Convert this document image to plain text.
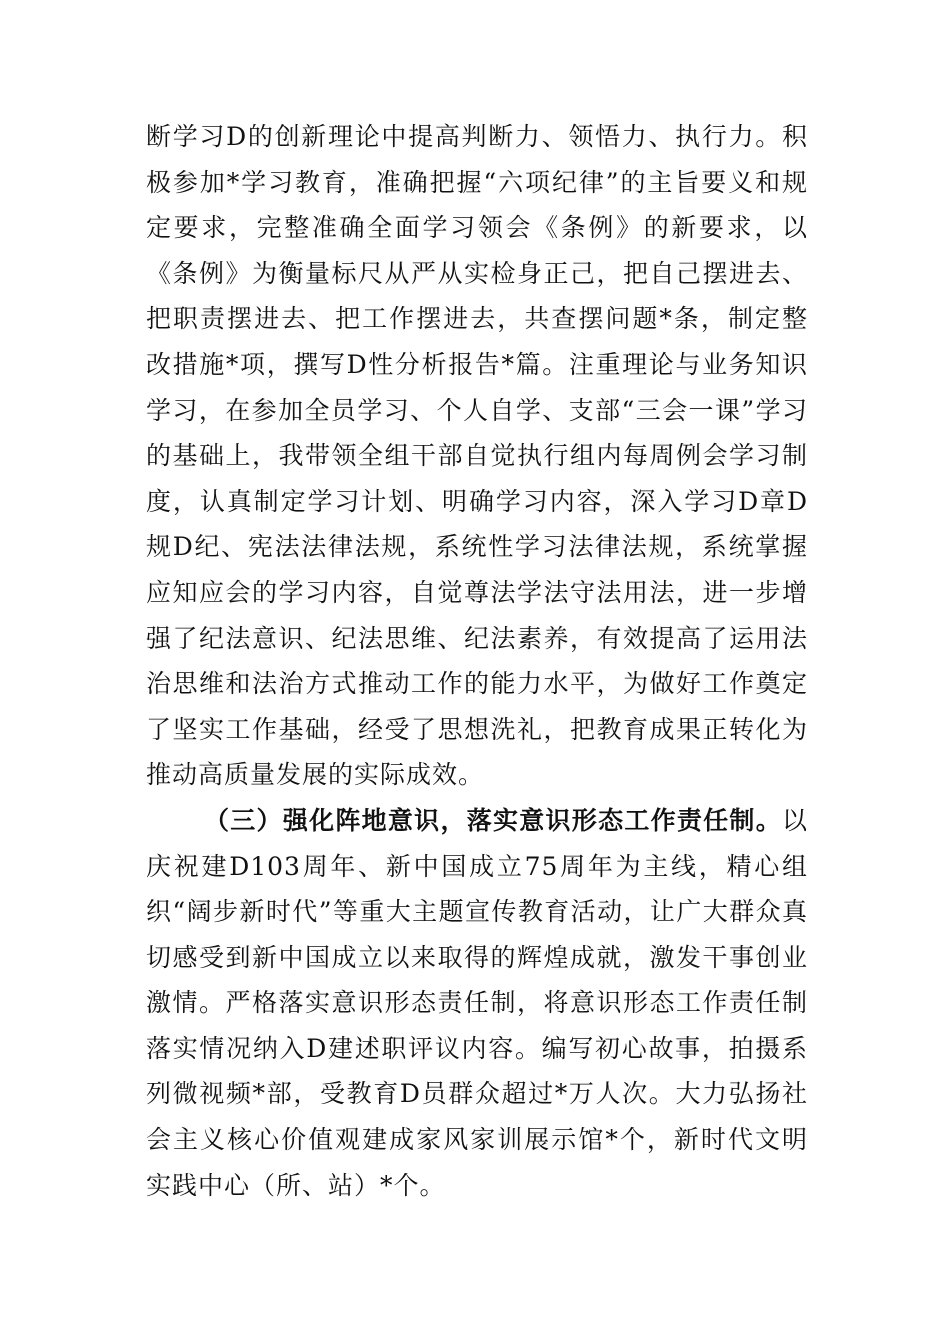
断学习D的创新理论中提高判断力、领悟力、执行力。积极参加*学习教育，准确把握“六项纪律”的主旨要义和规定要求，完整准确全面学习领会《条例》的新要求，以《条例》为衡量标尺从严从实检身正己，把自己摆进去、把职责摆进去、把工作摆进去，共查摆问题*条，制定整改措施*项，撰写D性分析报告*篇。注重理论与业务知识学习，在参加全员学习、个人自学、支部“三会一课”学习的基础上，我带领全组干部自觉执行组内每周例会学习制度，认真制定学习计划、明确学习内容，深入学习D章D规D纪、宪法法律法规，系统性学习法律法规，系统掌握应知应会的学习内容，自觉尊法学法守法用法，进一步增强了纪法意识、纪法思维、纪法素养，有效提高了运用法治思维和法治方式推动工作的能力水平，为做好工作奠定了坚实工作基础，经受了思想洗礼，把教育成果正转化为推动高质量发展的实际成效。

（三）强化阵地意识，落实意识形态工作责任制。以庆祝建D103周年、新中国成立75周年为主线，精心组织“阔步新时代”等重大主题宣传教育活动，让广大群众真切感受到新中国成立以来取得的辉煌成就，激发干事创业激情。严格落实意识形态责任制，将意识形态工作责任制落实情况纳入D建述职评议内容。编写初心故事，拍摄系列微视频*部，受教育D员群众超过*万人次。大力弘扬社会主义核心价值观建成家风家训展示馆*个，新时代文明实践中心（所、站）*个。
